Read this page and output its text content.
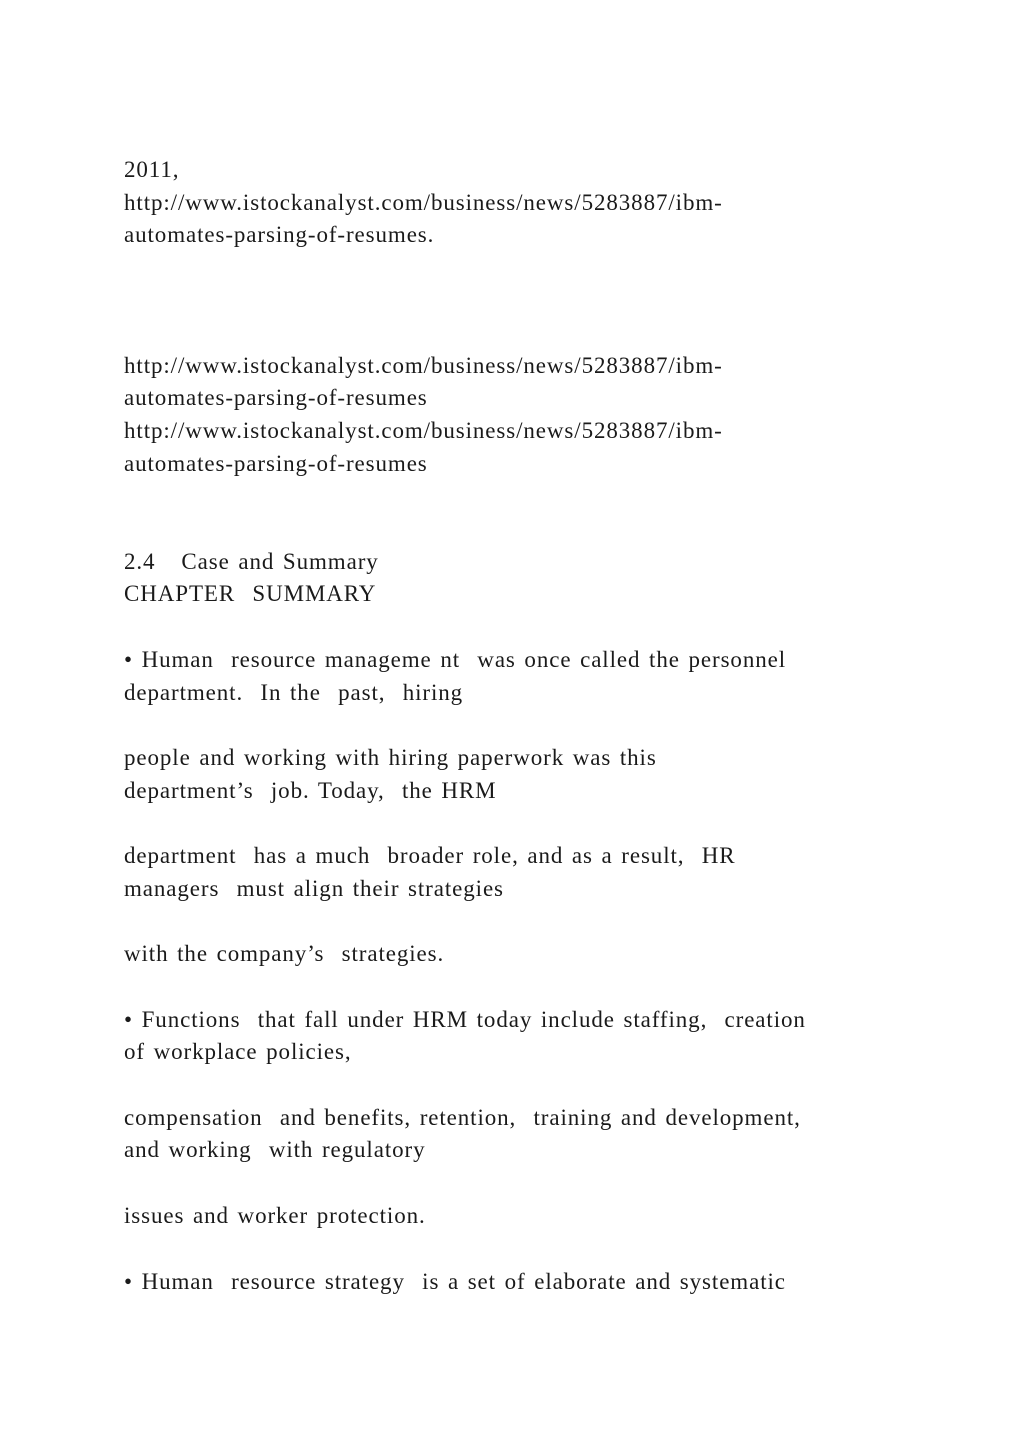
2011,
http://www.istockanalyst.com/business/news/5283887/ibm-
automates-parsing-of-resumes.
http://www.istockanalyst.com/business/news/5283887/ibm-
automates-parsing-of-resumes
http://www.istockanalyst.com/business/news/5283887/ibm-
automates-parsing-of-resumes
2.4   Case and Summary
CHAPTER  SUMMARY
• Human  resource manageme nt  was once called the personnel
department.  In the  past,  hiring
people and working with hiring paperwork was this
department’s  job. Today,  the HRM
department  has a much  broader role, and as a result,  HR
managers  must align their strategies
with the company’s  strategies.
• Functions  that fall under HRM today include staffing,  creation
of workplace policies,
compensation  and benefits, retention,  training and development,
and working  with regulatory
issues and worker protection.
• Human  resource strategy  is a set of elaborate and systematic
